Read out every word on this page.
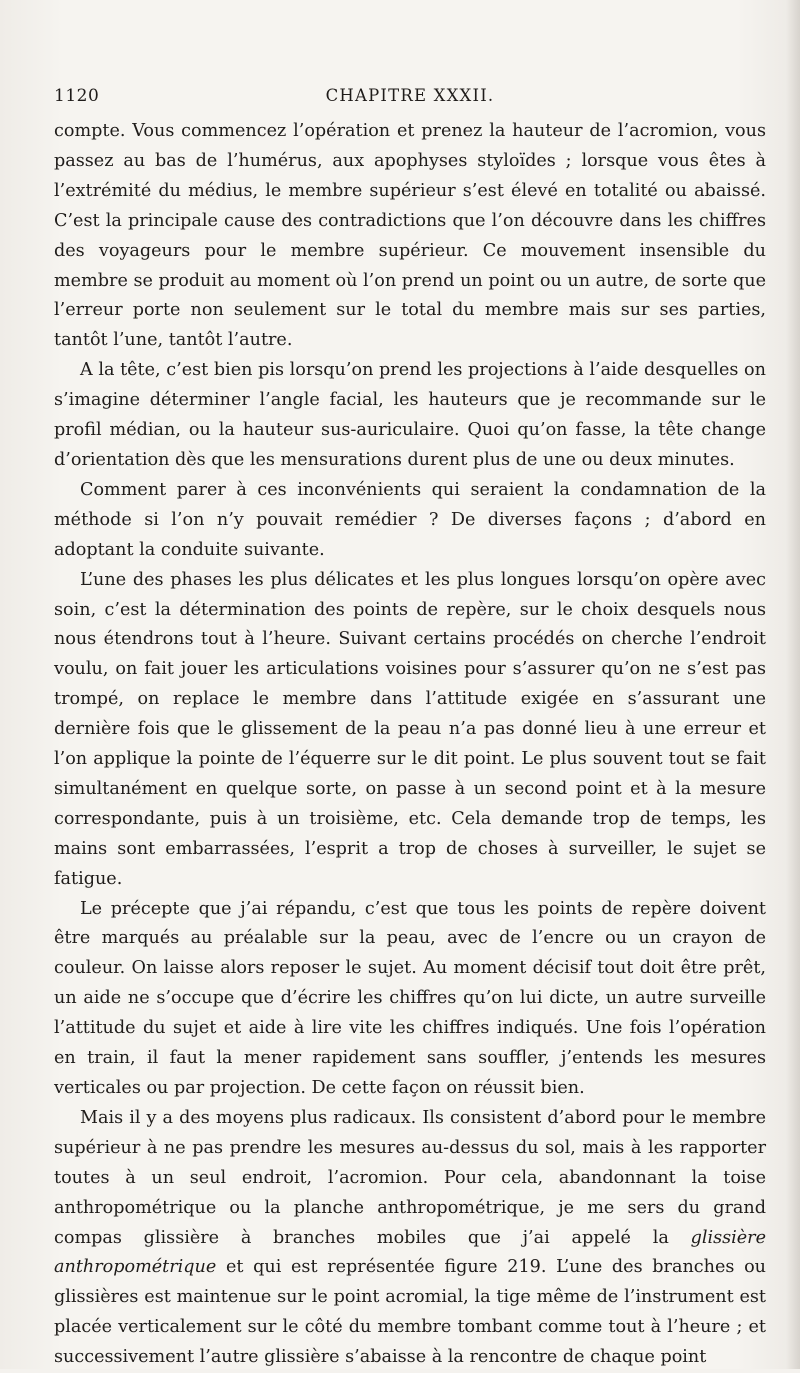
1120	CHAPITRE XXXII.

compte. Vous commencez l’opération et prenez la hauteur de l’acromion, vous passez au bas de l’humérus, aux apophyses styloïdes ; lorsque vous êtes à l’extrémité du médius, le membre supérieur s’est élevé en totalité ou abaissé. C’est la principale cause des contradictions que l’on découvre dans les chiffres des voyageurs pour le membre supérieur. Ce mouvement insensible du membre se produit au moment où l’on prend un point ou un autre, de sorte que l’erreur porte non seulement sur le total du membre mais sur ses parties, tantôt l’une, tantôt l’autre.

A la tête, c’est bien pis lorsqu’on prend les projections à l’aide desquelles on s’imagine déterminer l’angle facial, les hauteurs que je recommande sur le profil médian, ou la hauteur sus-auriculaire. Quoi qu’on fasse, la tête change d’orientation dès que les mensurations durent plus de une ou deux minutes.

Comment parer à ces inconvénients qui seraient la condamnation de la méthode si l’on n’y pouvait remédier ? De diverses façons ; d’abord en adoptant la conduite suivante.

L’une des phases les plus délicates et les plus longues lorsqu’on opère avec soin, c’est la détermination des points de repère, sur le choix desquels nous nous étendrons tout à l’heure. Suivant certains procédés on cherche l’endroit voulu, on fait jouer les articulations voisines pour s’assurer qu’on ne s’est pas trompé, on replace le membre dans l’attitude exigée en s’assurant une dernière fois que le glissement de la peau n’a pas donné lieu à une erreur et l’on applique la pointe de l’équerre sur le dit point. Le plus souvent tout se fait simultanément en quelque sorte, on passe à un second point et à la mesure correspondante, puis à un troisième, etc. Cela demande trop de temps, les mains sont embarrassées, l’esprit a trop de choses à surveiller, le sujet se fatigue.

Le précepte que j’ai répandu, c’est que tous les points de repère doivent être marqués au préalable sur la peau, avec de l’encre ou un crayon de couleur. On laisse alors reposer le sujet. Au moment décisif tout doit être prêt, un aide ne s’occupe que d’écrire les chiffres qu’on lui dicte, un autre surveille l’attitude du sujet et aide à lire vite les chiffres indiqués. Une fois l’opération en train, il faut la mener rapidement sans souffler, j’entends les mesures verticales ou par projection. De cette façon on réussit bien.

Mais il y a des moyens plus radicaux. Ils consistent d’abord pour le membre supérieur à ne pas prendre les mesures au-dessus du sol, mais à les rapporter toutes à un seul endroit, l’acromion. Pour cela, abandonnant la toise anthropométrique ou la planche anthropométrique, je me sers du grand compas glissière à branches mobiles que j’ai appelé la glissière anthropométrique et qui est représentée figure 219. L’une des branches ou glissières est maintenue sur le point acromial, la tige même de l’instrument est placée verticalement sur le côté du membre tombant comme tout à l’heure ; et successivement l’autre glissière s’abaisse à la rencontre de chaque point
